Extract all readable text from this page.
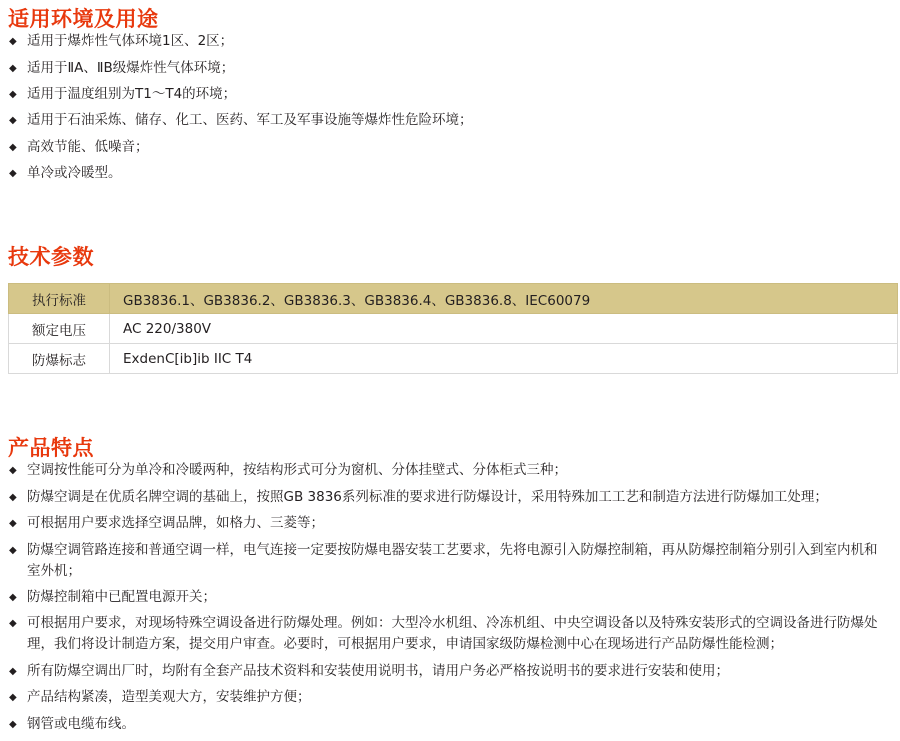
适用环境及用途
◆ 适用于爆炸性气体环境1区、2区；
◆ 适用于ⅡA、ⅡB级爆炸性气体环境；
◆ 适用于温度组别为T1～T4的环境；
◆ 适用于石油采炼、储存、化工、医药、军工及军事设施等爆炸性危险环境；
◆ 高效节能、低噪音；
◆ 单冷或冷暖型。
技术参数
执行标准	GB3836.1、GB3836.2、GB3836.3、GB3836.4、GB3836.8、IEC60079
额定电压	AC 220/380V
防爆标志	ExdenC[ib]ib IIC T4
产品特点
◆ 空调按性能可分为单冷和冷暖两种，按结构形式可分为窗机、分体挂壁式、分体柜式三种；
◆ 防爆空调是在优质名牌空调的基础上，按照GB 3836系列标准的要求进行防爆设计，采用特殊加工工艺和制造方法进行防爆加工处理；
◆ 可根据用户要求选择空调品牌，如格力、三菱等；
◆ 防爆空调管路连接和普通空调一样，电气连接一定要按防爆电器安装工艺要求，先将电源引入防爆控制箱，再从防爆控制箱分别引入到室内机和室外机；
◆ 防爆控制箱中已配置电源开关；
◆ 可根据用户要求，对现场特殊空调设备进行防爆处理。例如：大型冷水机组、冷冻机组、中央空调设备以及特殊安装形式的空调设备进行防爆处理，我们将设计制造方案，提交用户审查。必要时，可根据用户要求，申请国家级防爆检测中心在现场进行产品防爆性能检测；
◆ 所有防爆空调出厂时，均附有全套产品技术资料和安装使用说明书，请用户务必严格按说明书的要求进行安装和使用；
◆ 产品结构紧凑，造型美观大方，安装维护方便；
◆ 钢管或电缆布线。
